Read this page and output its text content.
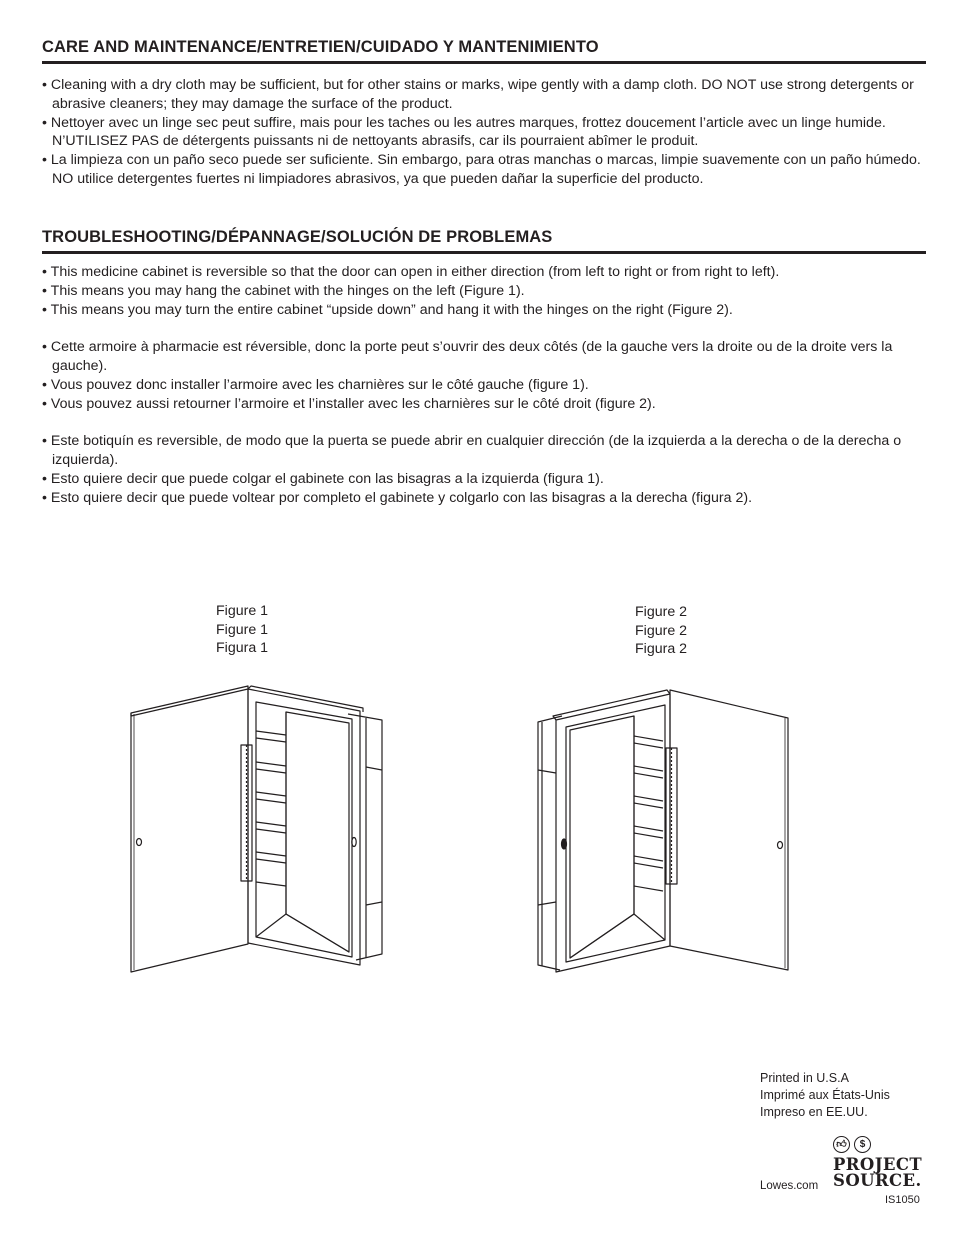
CARE AND MAINTENANCE/ENTRETIEN/CUIDADO Y MANTENIMIENTO
• Cleaning with a dry cloth may be sufficient, but for other stains or marks, wipe gently with a damp cloth. DO NOT use strong detergents or abrasive cleaners; they may damage the surface of the product.
• Nettoyer avec un linge sec peut suffire, mais pour les taches ou les autres marques, frottez doucement l’article avec un linge humide. N’UTILISEZ PAS de détergents puissants ni de nettoyants abrasifs, car ils pourraient abîmer le produit.
• La limpieza con un paño seco puede ser suficiente. Sin embargo, para otras manchas o marcas, limpie suavemente con un paño húmedo. NO utilice detergentes fuertes ni limpiadores abrasivos, ya que pueden dañar la superficie del producto.
TROUBLESHOOTING/DÉPANNAGE/SOLUCIÓN DE PROBLEMAS
• This medicine cabinet is reversible so that the door can open in either direction (from left to right or from right to left).
• This means you may hang the cabinet with the hinges on the left (Figure 1).
• This means you may turn the entire cabinet “upside down” and hang it with the hinges on the right (Figure 2).
• Cette armoire à pharmacie est réversible, donc la porte peut s’ouvrir des deux côtés (de la gauche vers la droite ou de la droite vers la gauche).
• Vous pouvez donc installer l’armoire avec les charnières sur le côté gauche (figure 1).
• Vous pouvez aussi retourner l’armoire et l’installer avec les charnières sur le côté droit (figure 2).
• Este botiquín es reversible, de modo que la puerta se puede abrir en cualquier dirección (de la izquierda a la derecha o de la derecha o izquierda).
• Esto quiere decir que puede colgar el gabinete con las bisagras a la izquierda (figura 1).
• Esto quiere decir que puede voltear por completo el gabinete y colgarlo con las bisagras a la derecha (figura 2).
Figure 1
Figure 1
Figura 1
Figure 2
Figure 2
Figura 2
Printed in U.S.A
Imprimé aux États-Unis
Impreso en EE.UU.
Lowes.com
👍︎	$
PROJECT
SOURCE.
IS1050
